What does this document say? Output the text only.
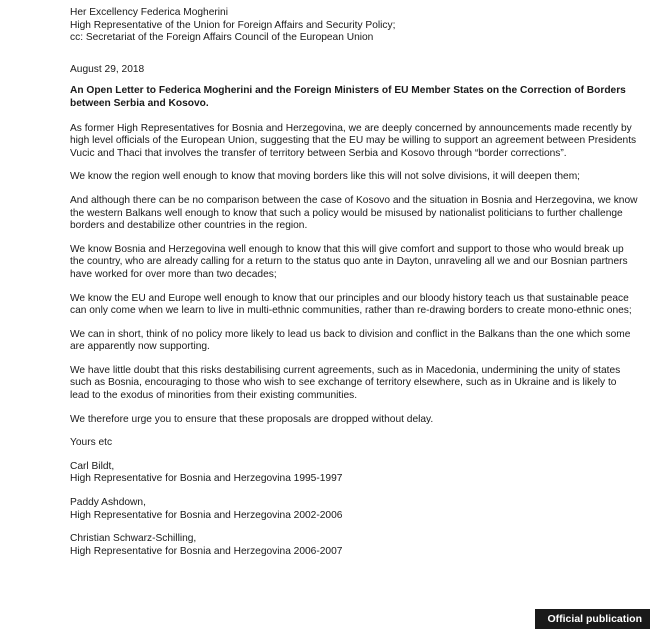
Her Excellency Federica Mogherini

High Representative of the Union for Foreign Affairs and Security Policy;

cc: Secretariat of the Foreign Affairs Council of the European Union

August 29, 2018

An Open Letter to Federica Mogherini and the Foreign Ministers of EU Member States on the Correction of Borders between Serbia and Kosovo.

As former High Representatives for Bosnia and Herzegovina, we are deeply concerned by announcements made recently by high level officials of the European Union, suggesting that the EU may be willing to support an agreement between Presidents Vucic and Thaci that involves the transfer of territory between Serbia and Kosovo through “border corrections”.

We know the region well enough to know that moving borders like this will not solve divisions, it will deepen them;

And although there can be no comparison between the case of Kosovo and the situation in Bosnia and Herzegovina, we know the western Balkans well enough to know that such a policy would be misused by nationalist politicians to further challenge borders and destabilize other countries in the region.

We know Bosnia and Herzegovina well enough to know that this will give comfort and support to those who would break up the country, who are already calling for a return to the status quo ante in Dayton, unraveling all we and our Bosnian partners have worked for over more than two decades;

We know the EU and Europe well enough to know that our principles and our bloody history teach us that sustainable peace can only come when we learn to live in multi-ethnic communities, rather than re-drawing borders to create mono-ethnic ones;

We can in short, think of no policy more likely to lead us back to division and conflict in the Balkans than the one which some are apparently now supporting.

We have little doubt that this risks destabilising current agreements, such as in Macedonia, undermining the unity of states such as Bosnia, encouraging to those who wish to see exchange of territory elsewhere, such as in Ukraine and is likely to lead to the exodus of minorities from their existing communities.

We therefore urge you to ensure that these proposals are dropped without delay.

Yours etc

Carl Bildt,

High Representative for Bosnia and Herzegovina 1995-1997

Paddy Ashdown,

High Representative for Bosnia and Herzegovina 2002-2006

Christian Schwarz-Schilling,

High Representative for Bosnia and Herzegovina 2006-2007

Official publication
